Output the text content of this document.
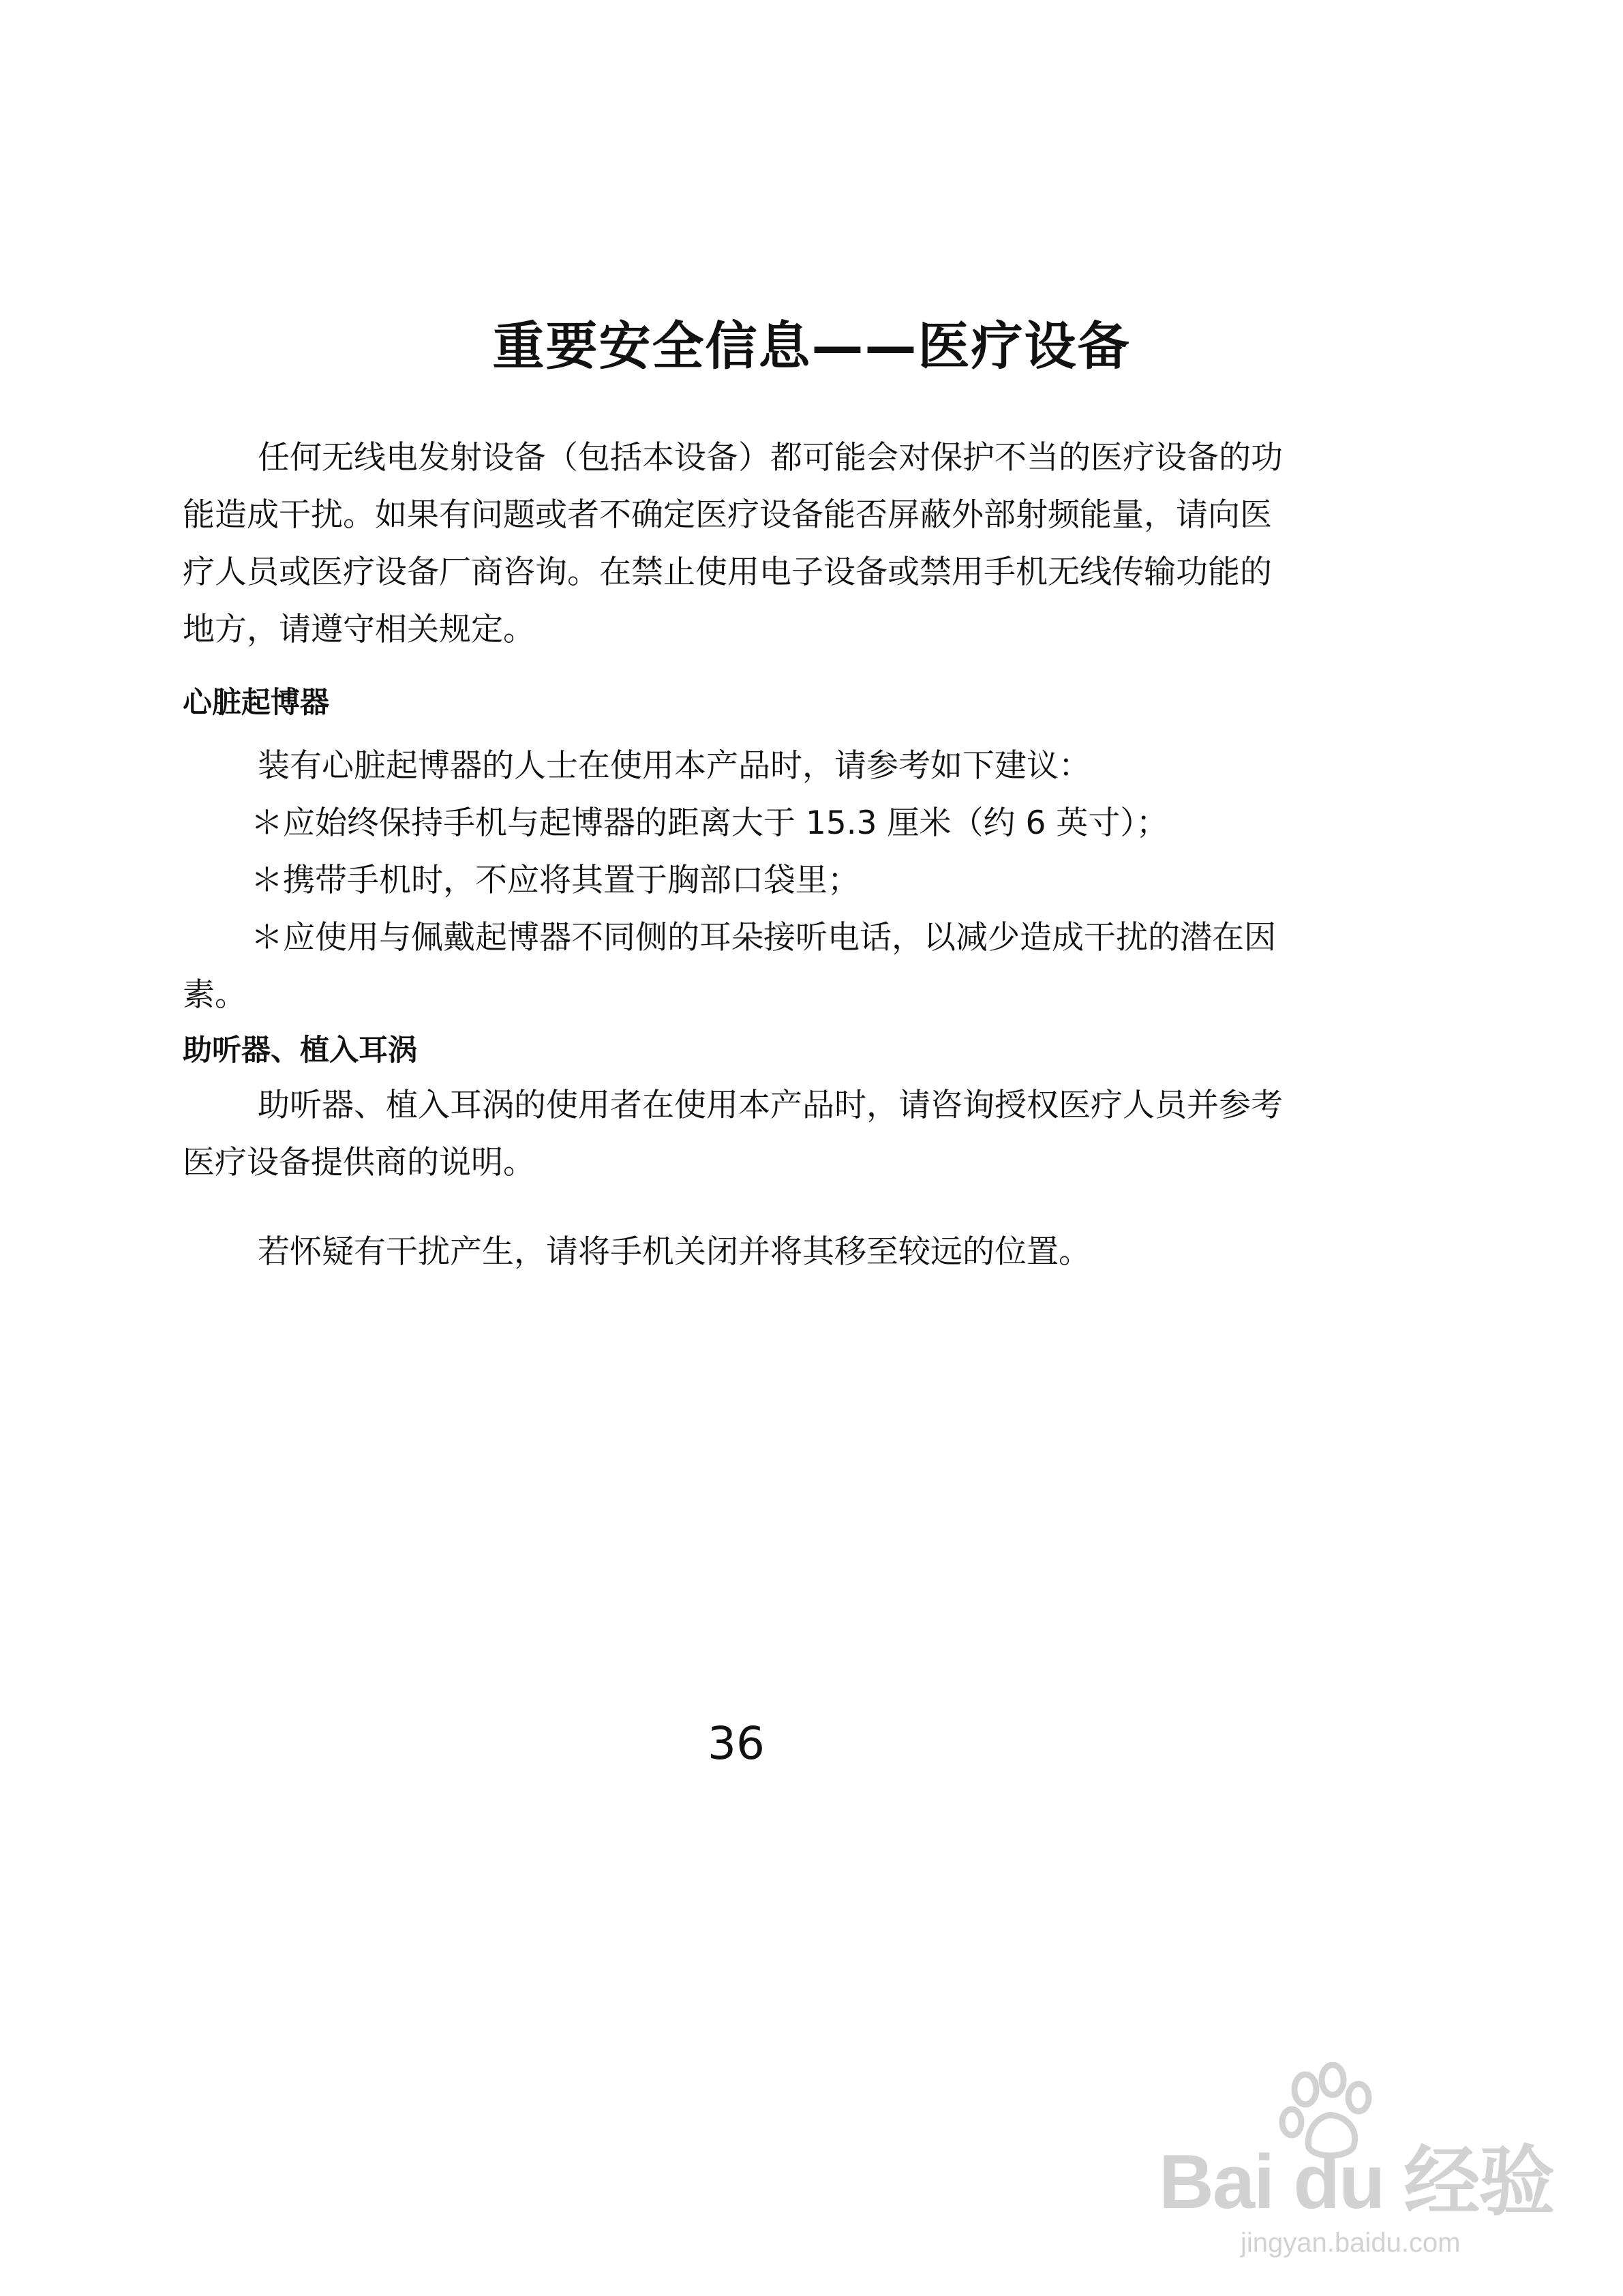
重要安全信息——医疗设备

任何无线电发射设备（包括本设备）都可能会对保护不当的医疗设备的功能造成干扰。如果有问题或者不确定医疗设备能否屏蔽外部射频能量，请向医疗人员或医疗设备厂商咨询。在禁止使用电子设备或禁用手机无线传输功能的地方，请遵守相关规定。

心脏起博器

装有心脏起博器的人士在使用本产品时，请参考如下建议：

＊应始终保持手机与起博器的距离大于 15.3 厘米（约 6 英寸）；

＊携带手机时，不应将其置于胸部口袋里；

＊应使用与佩戴起博器不同侧的耳朵接听电话，以减少造成干扰的潜在因素。

助听器、植入耳涡

助听器、植入耳涡的使用者在使用本产品时，请咨询授权医疗人员并参考医疗设备提供商的说明。

若怀疑有干扰产生，请将手机关闭并将其移至较远的位置。

36
Bai du 经验
jingyan.baidu.com
